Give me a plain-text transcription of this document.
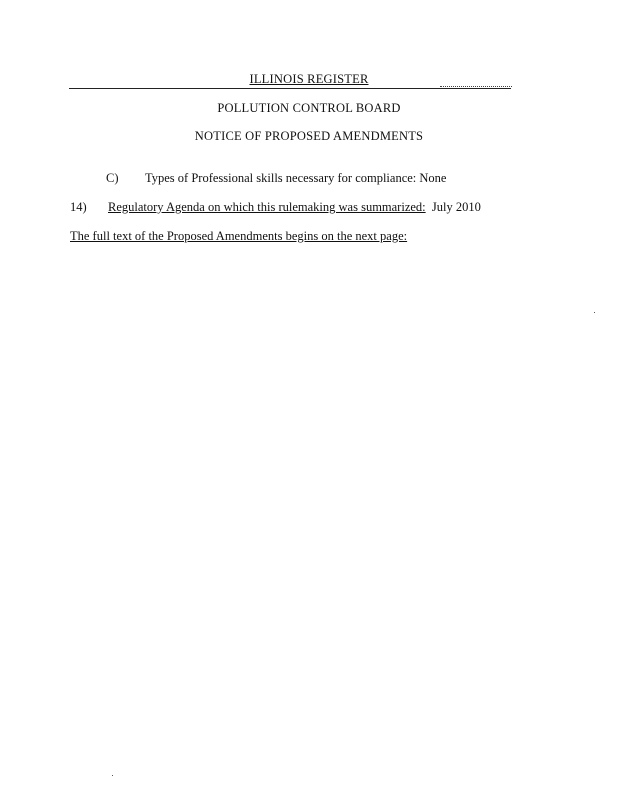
ILLINOIS REGISTER
POLLUTION CONTROL BOARD
NOTICE OF PROPOSED AMENDMENTS
C) Types of Professional skills necessary for compliance: None
14) Regulatory Agenda on which this rulemaking was summarized:  July 2010
The full text of the Proposed Amendments begins on the next page:
